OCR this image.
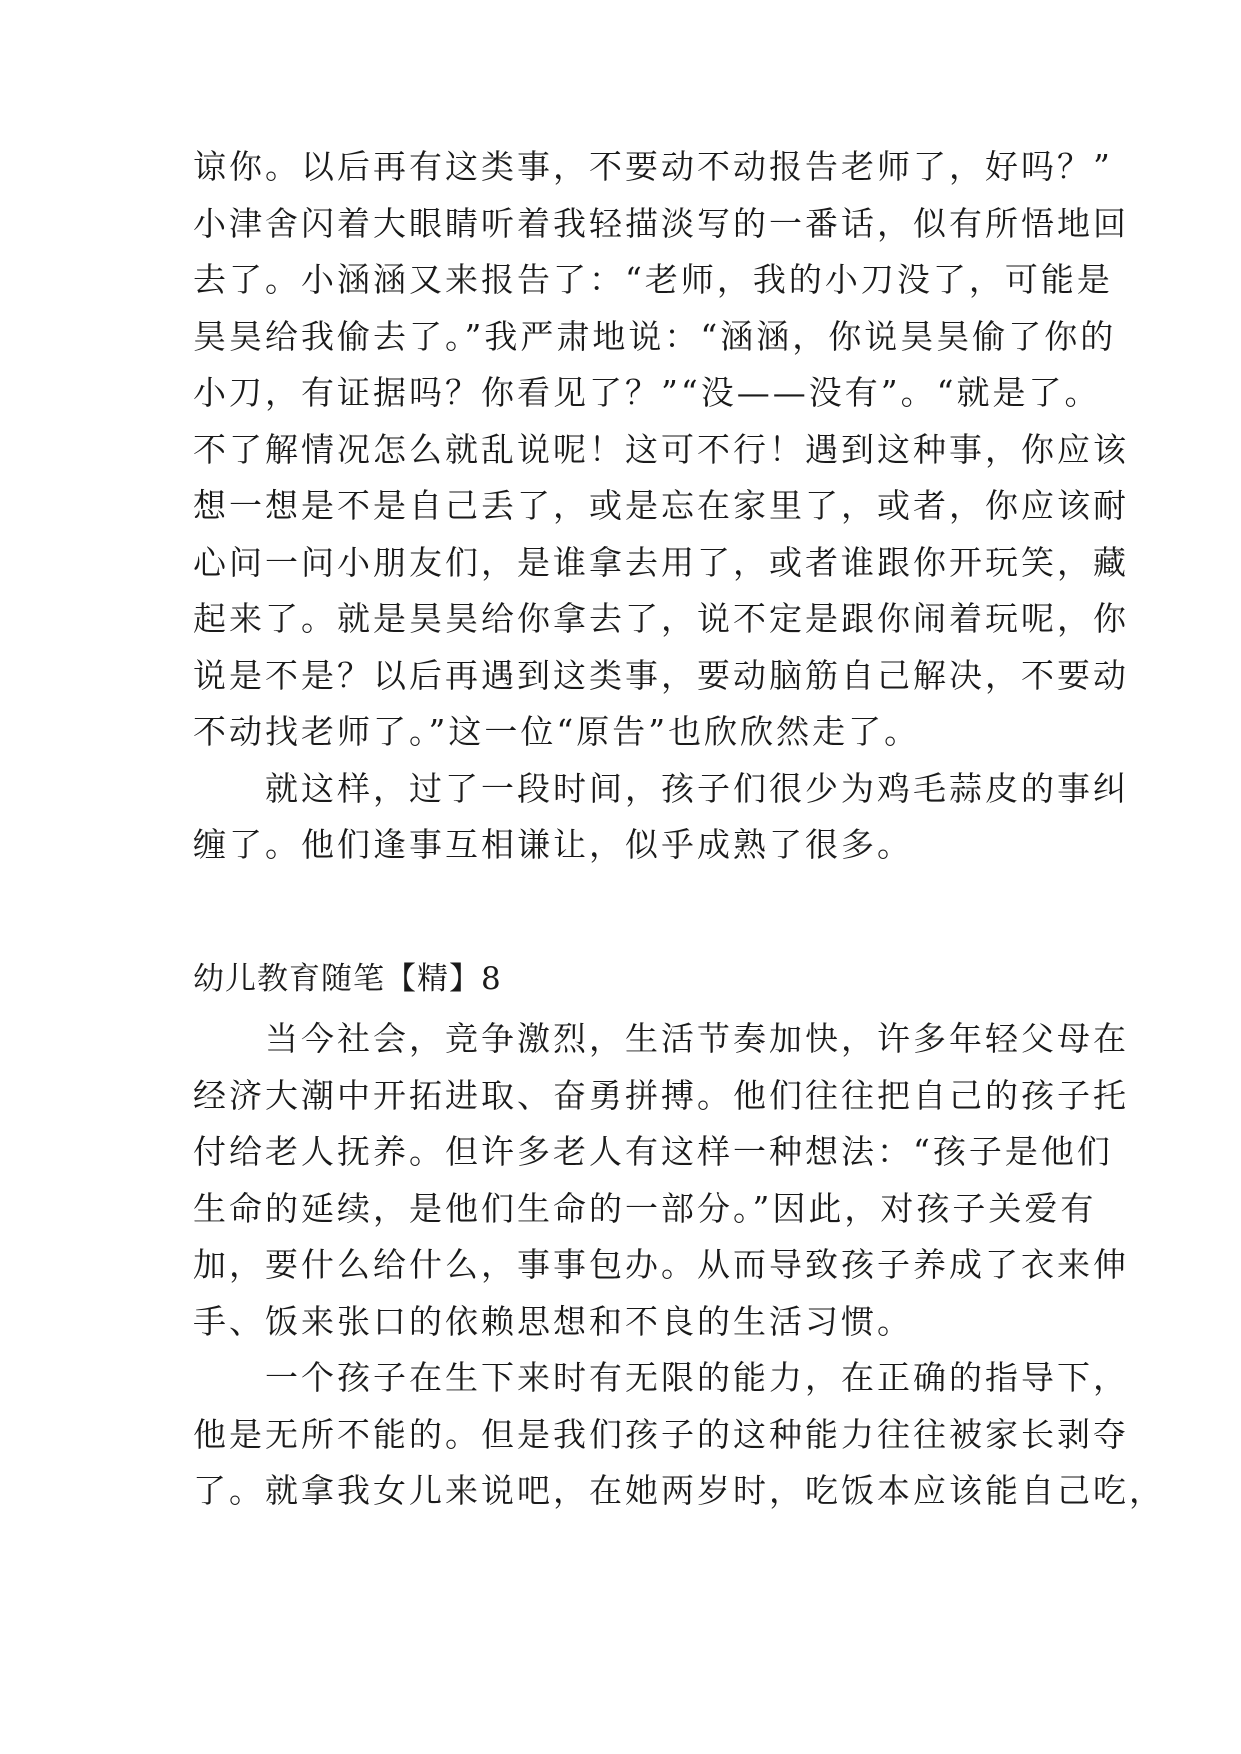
谅你。以后再有这类事，不要动不动报告老师了，好吗？”
小津舍闪着大眼睛听着我轻描淡写的一番话，似有所悟地回
去了。小涵涵又来报告了：“老师，我的小刀没了，可能是
昊昊给我偷去了。”我严肃地说：“涵涵，你说昊昊偷了你的
小刀，有证据吗？你看见了？”“没——没有”。“就是了。
不了解情况怎么就乱说呢！这可不行！遇到这种事，你应该
想一想是不是自己丢了，或是忘在家里了，或者，你应该耐
心问一问小朋友们，是谁拿去用了，或者谁跟你开玩笑，藏
起来了。就是昊昊给你拿去了，说不定是跟你闹着玩呢，你
说是不是？以后再遇到这类事，要动脑筋自己解决，不要动
不动找老师了。”这一位“原告”也欣欣然走了。
　　就这样，过了一段时间，孩子们很少为鸡毛蒜皮的事纠
缠了。他们逢事互相谦让，似乎成熟了很多。
幼儿教育随笔【精】8
　　当今社会，竞争激烈，生活节奏加快，许多年轻父母在
经济大潮中开拓进取、奋勇拼搏。他们往往把自己的孩子托
付给老人抚养。但许多老人有这样一种想法：“孩子是他们
生命的延续，是他们生命的一部分。”因此，对孩子关爱有
加，要什么给什么，事事包办。从而导致孩子养成了衣来伸
手、饭来张口的依赖思想和不良的生活习惯。
　　一个孩子在生下来时有无限的能力，在正确的指导下，
他是无所不能的。但是我们孩子的这种能力往往被家长剥夺
了。就拿我女儿来说吧，在她两岁时，吃饭本应该能自己吃，
